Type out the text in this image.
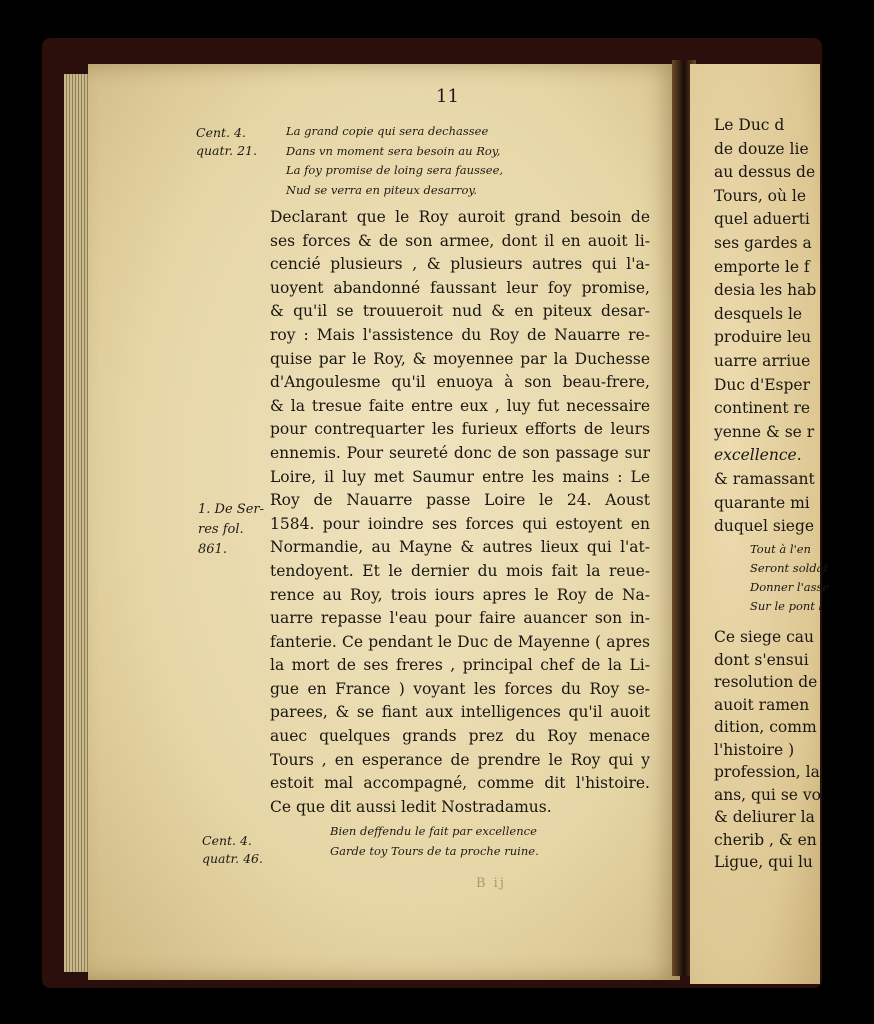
Le Duc d
de douze lie
au dessus de
Tours, où le
quel aduerti
ses gardes a
emporte le f
desia les hab
desquels le
produire leu
uarre arriue
Duc d'Esper
continent re
yenne & se r
excellence.
& ramassant
quarante mi
duquel siege
Tout à l'en
Seront soldat
Donner l'asse
Sur le pont l
Ce siege cau
dont s'ensui
resolution de
auoit ramen
dition, comm
l'histoire )
profession, la
ans, qui se vo
& deliurer la
cherib , & en
Ligue, qui lu
11
Cent. 4.
quatr. 21.
La grand copie qui sera dechassee
Dans vn moment sera besoin au Roy,
La foy promise de loing sera faussee,
Nud se verra en piteux desarroy.
Declarant que le Roy auroit grand besoin de
ses forces & de son armee, dont il en auoit li-
cencié plusieurs , & plusieurs autres qui l'a-
uoyent abandonné faussant leur foy promise,
& qu'il se trouueroit nud & en piteux desar-
roy : Mais l'assistence du Roy de Nauarre re-
quise par le Roy, & moyennee par la Duchesse
d'Angoulesme qu'il enuoya à son beau-frere,
& la tresue faite entre eux , luy fut necessaire
pour contrequarter les furieux efforts de leurs
ennemis. Pour seureté donc de son passage sur
Loire, il luy met Saumur entre les mains : Le
Roy de Nauarre passe Loire le 24. Aoust
1584. pour ioindre ses forces qui estoyent en
Normandie, au Mayne & autres lieux qui l'at-
tendoyent. Et le dernier du mois fait la reue-
rence au Roy, trois iours apres le Roy de Na-
uarre repasse l'eau pour faire auancer son in-
fanterie. Ce pendant le Duc de Mayenne ( apres
la mort de ses freres , principal chef de la Li-
gue en France ) voyant les forces du Roy se-
parees, & se fiant aux intelligences qu'il auoit
auec quelques grands prez du Roy menace
Tours , en esperance de prendre le Roy qui y
estoit mal accompagné, comme dit l'histoire.
Ce que dit aussi ledit Nostradamus.
1. De Ser-
res fol.
861.
Cent. 4.
quatr. 46.
Bien deffendu le fait par excellence
Garde toy Tours de ta proche ruine.
B ij
